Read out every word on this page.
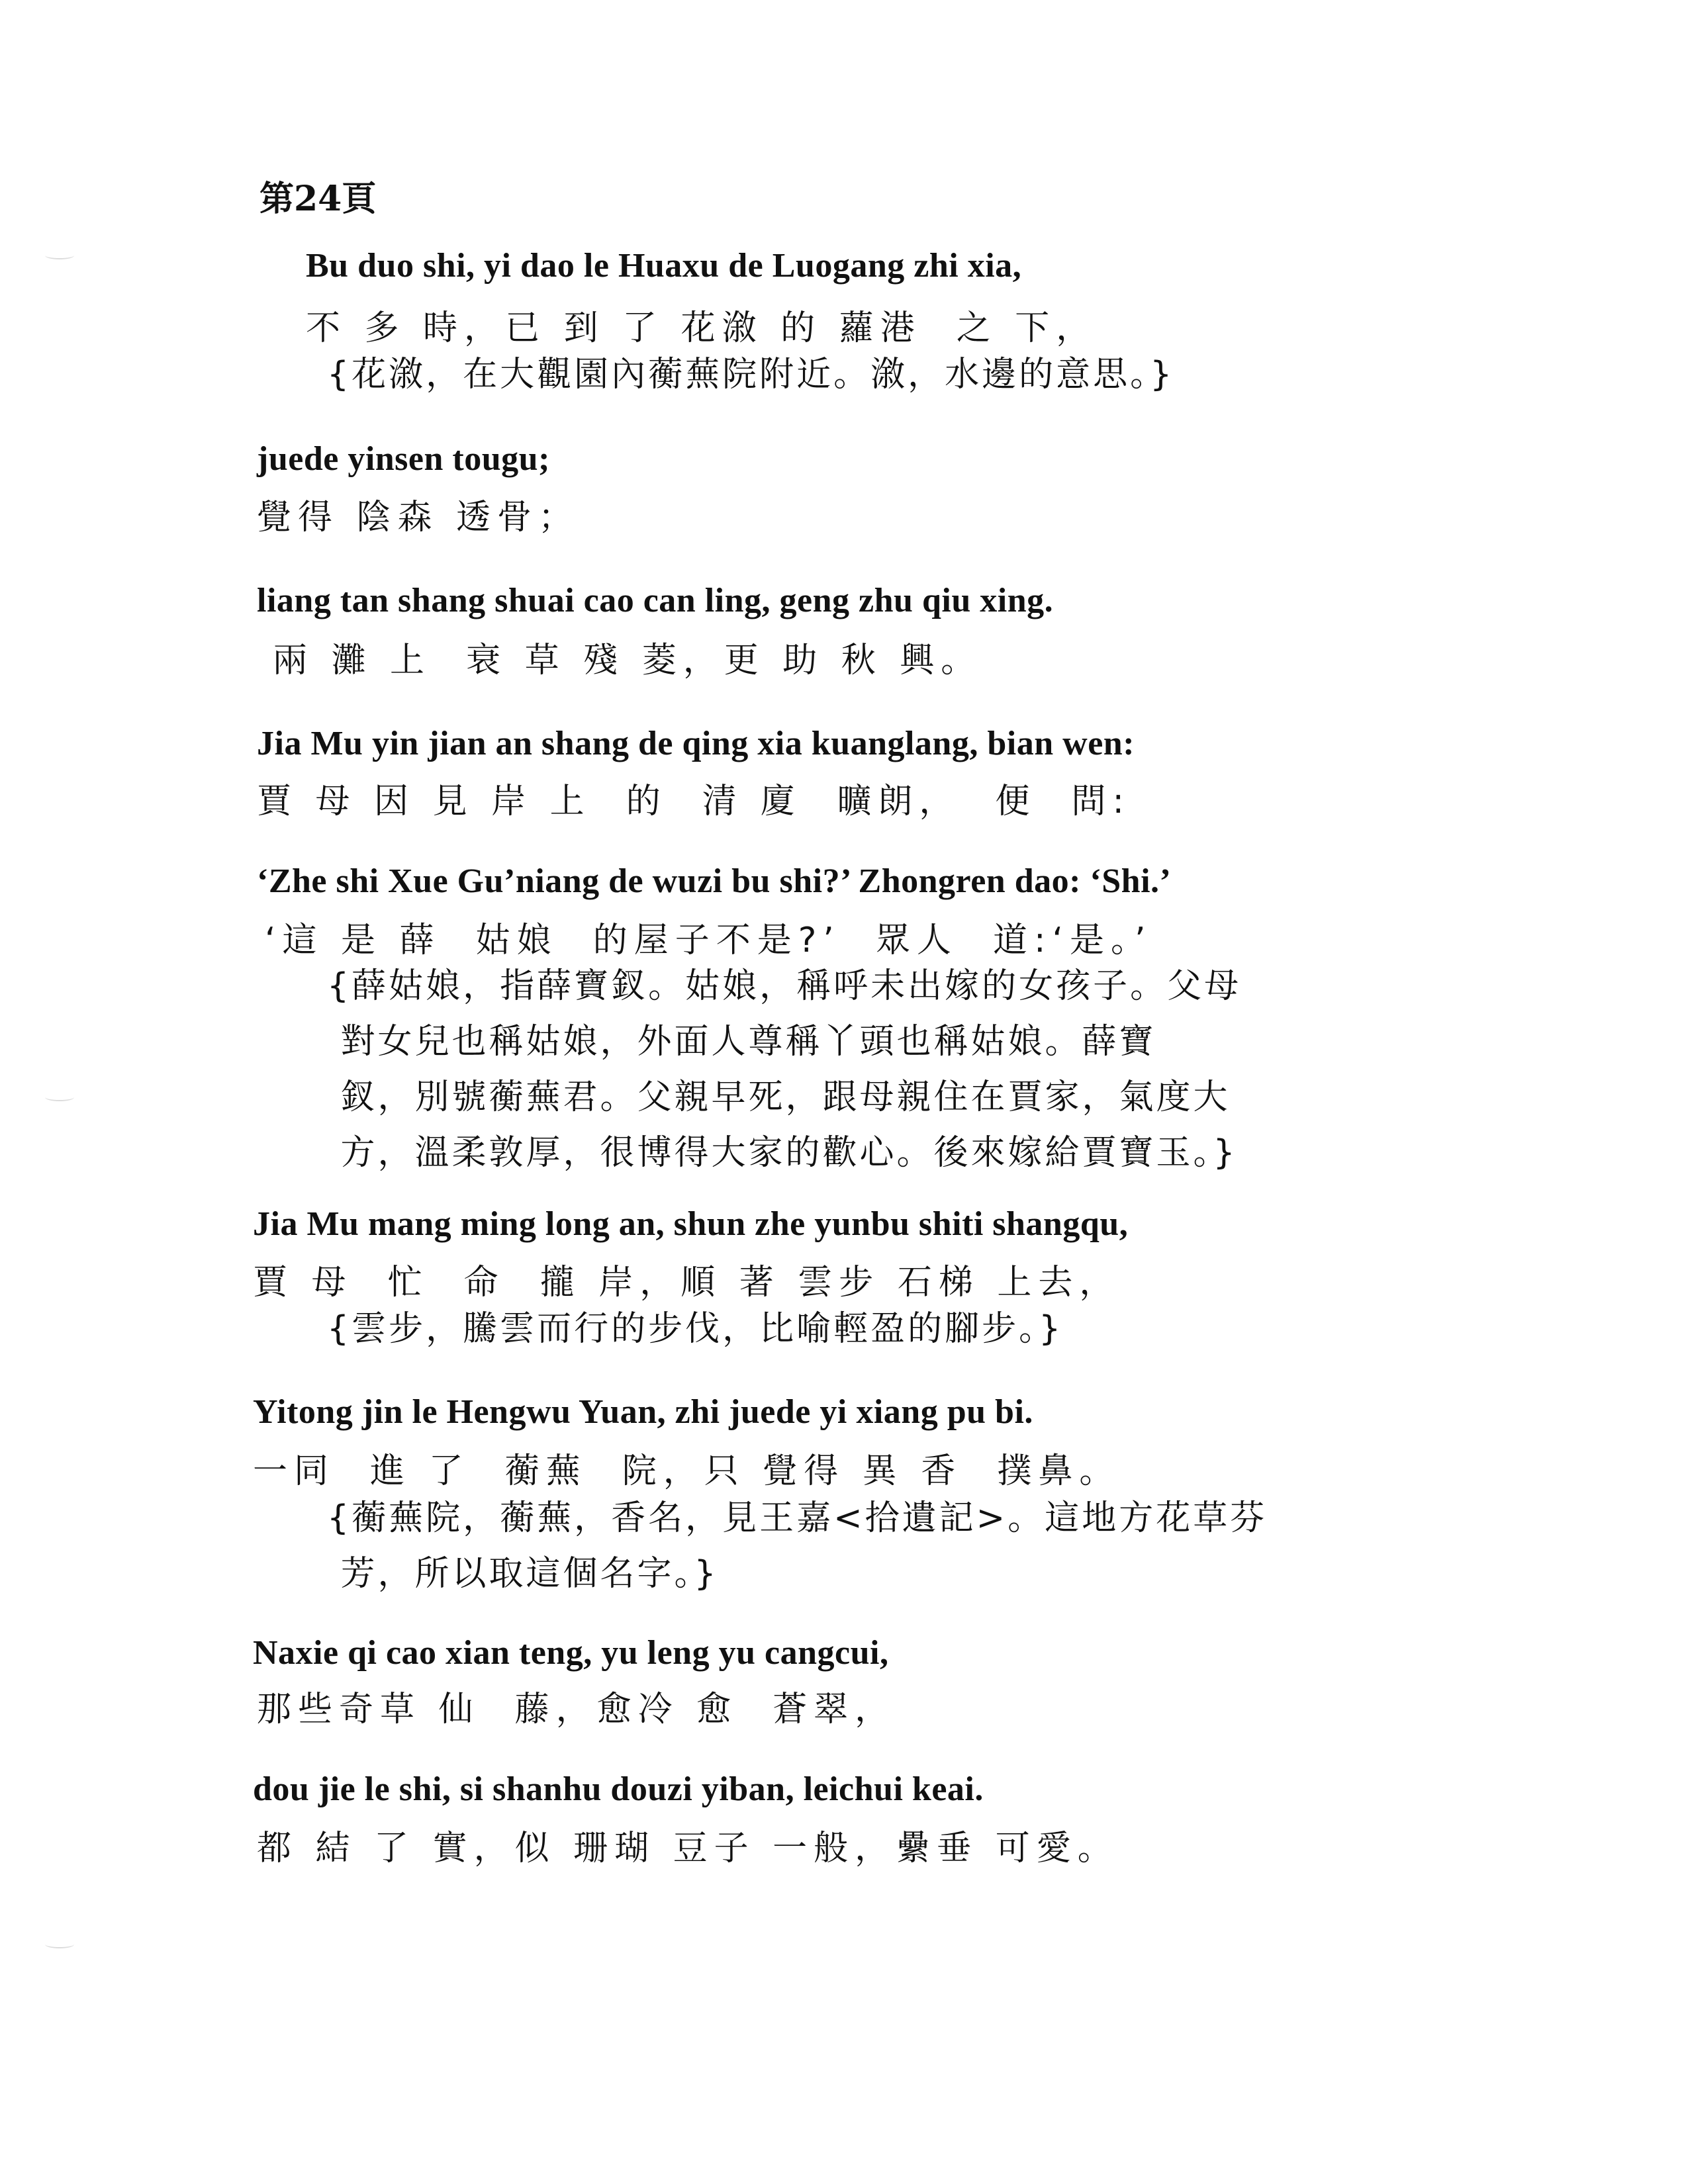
第24頁
Bu duo shi, yi dao le Huaxu de Luogang zhi xia,
不 多 時，已 到 了 花漵 的 蘿港  之 下，
{花漵，在大觀園內蘅蕪院附近。漵，水邊的意思。}
juede yinsen tougu;
覺得 陰森 透骨；
liang tan shang shuai cao can ling, geng zhu qiu xing.
兩 灘 上  衰 草 殘 菱，更 助 秋 興。
Jia Mu yin jian an shang de qing xia kuanglang, bian wen:
賈 母 因 見 岸 上  的  清 廈  曠朗，  便  問:
‘Zhe shi Xue Gu’niang de wuzi bu shi?’ Zhongren dao: ‘Shi.’
‘這 是 薛  姑娘  的屋子不是?’  眾人  道:‘是。’
{薛姑娘，指薛寶釵。姑娘，稱呼未出嫁的女孩子。父母
對女兒也稱姑娘，外面人尊稱丫頭也稱姑娘。薛寶
釵，別號蘅蕪君。父親早死，跟母親住在賈家，氣度大
方，溫柔敦厚，很博得大家的歡心。後來嫁給賈寶玉。}
Jia Mu mang ming long an, shun zhe yunbu shiti shangqu,
賈 母  忙  命  攏 岸，順 著 雲步 石梯 上去，
{雲步，騰雲而行的步伐，比喻輕盈的腳步。}
Yitong jin le Hengwu Yuan, zhi juede yi xiang pu bi.
一同  進 了  蘅蕪  院，只 覺得 異 香  撲鼻。
{蘅蕪院，蘅蕪，香名，見王嘉<拾遺記>。這地方花草芬
芳，所以取這個名字。}
Naxie qi cao xian teng, yu leng yu cangcui,
那些奇草 仙  藤，愈冷 愈  蒼翠，
dou jie le shi, si shanhu douzi yiban, leichui keai.
都 結 了 實，似 珊瑚 豆子 一般，纍垂 可愛。
